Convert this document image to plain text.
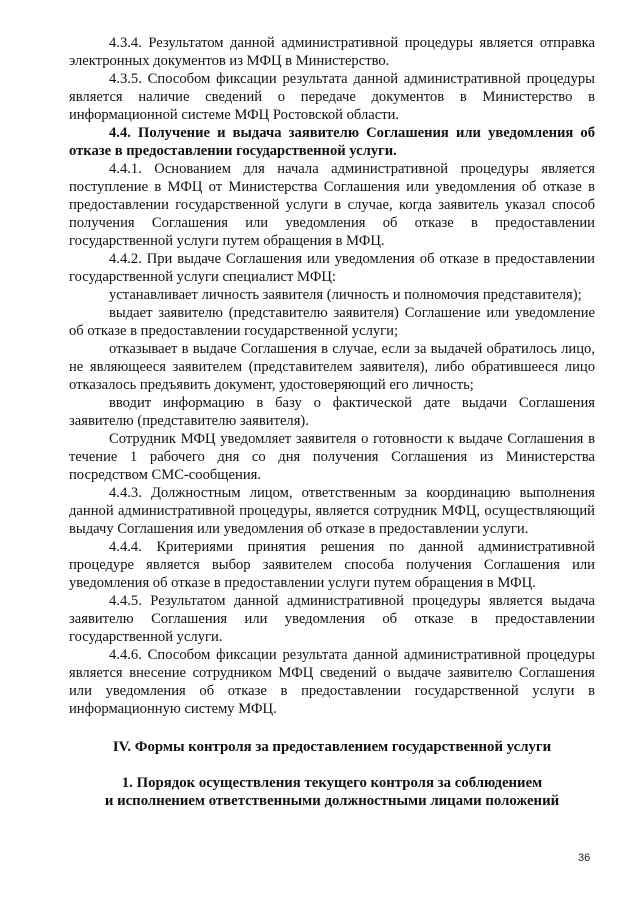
4.3.4. Результатом данной административной процедуры является отправка электронных документов из МФЦ в Министерство.

4.3.5. Способом фиксации результата данной административной процедуры является наличие сведений о передаче документов в Министерство в информационной системе МФЦ Ростовской области.

4.4. Получение и выдача заявителю Соглашения или уведомления об отказе в предоставлении государственной услуги.

4.4.1. Основанием для начала административной процедуры является поступление в МФЦ от Министерства Соглашения или уведомления об отказе в предоставлении государственной услуги в случае, когда заявитель указал способ получения Соглашения или уведомления об отказе в предоставлении государственной услуги путем обращения в МФЦ.

4.4.2. При выдаче Соглашения или уведомления об отказе в предоставлении государственной услуги специалист МФЦ:

устанавливает личность заявителя (личность и полномочия представителя);

выдает заявителю (представителю заявителя) Соглашение или уведомление об отказе в предоставлении государственной услуги;

отказывает в выдаче Соглашения в случае, если за выдачей обратилось лицо, не являющееся заявителем (представителем заявителя), либо обратившееся лицо отказалось предъявить документ, удостоверяющий его личность;

вводит информацию в базу о фактической дате выдачи Соглашения заявителю (представителю заявителя).

Сотрудник МФЦ уведомляет заявителя о готовности к выдаче Соглашения в течение 1 рабочего дня со дня получения Соглашения из Министерства посредством СМС-сообщения.

4.4.3. Должностным лицом, ответственным за координацию выполнения данной административной процедуры, является сотрудник МФЦ, осуществляющий выдачу Соглашения или уведомления об отказе в предоставлении услуги.

4.4.4. Критериями принятия решения по данной административной процедуре является выбор заявителем способа получения Соглашения или уведомления об отказе в предоставлении услуги путем обращения в МФЦ.

4.4.5. Результатом данной административной процедуры является выдача заявителю Соглашения или уведомления об отказе в предоставлении государственной услуги.

4.4.6. Способом фиксации результата данной административной процедуры является внесение сотрудником МФЦ сведений о выдаче заявителю Соглашения или уведомления об отказе в предоставлении государственной услуги в информационную систему МФЦ.

IV. Формы контроля за предоставлением государственной услуги
1. Порядок осуществления текущего контроля за соблюдением
и исполнением ответственными должностными лицами положений
36
